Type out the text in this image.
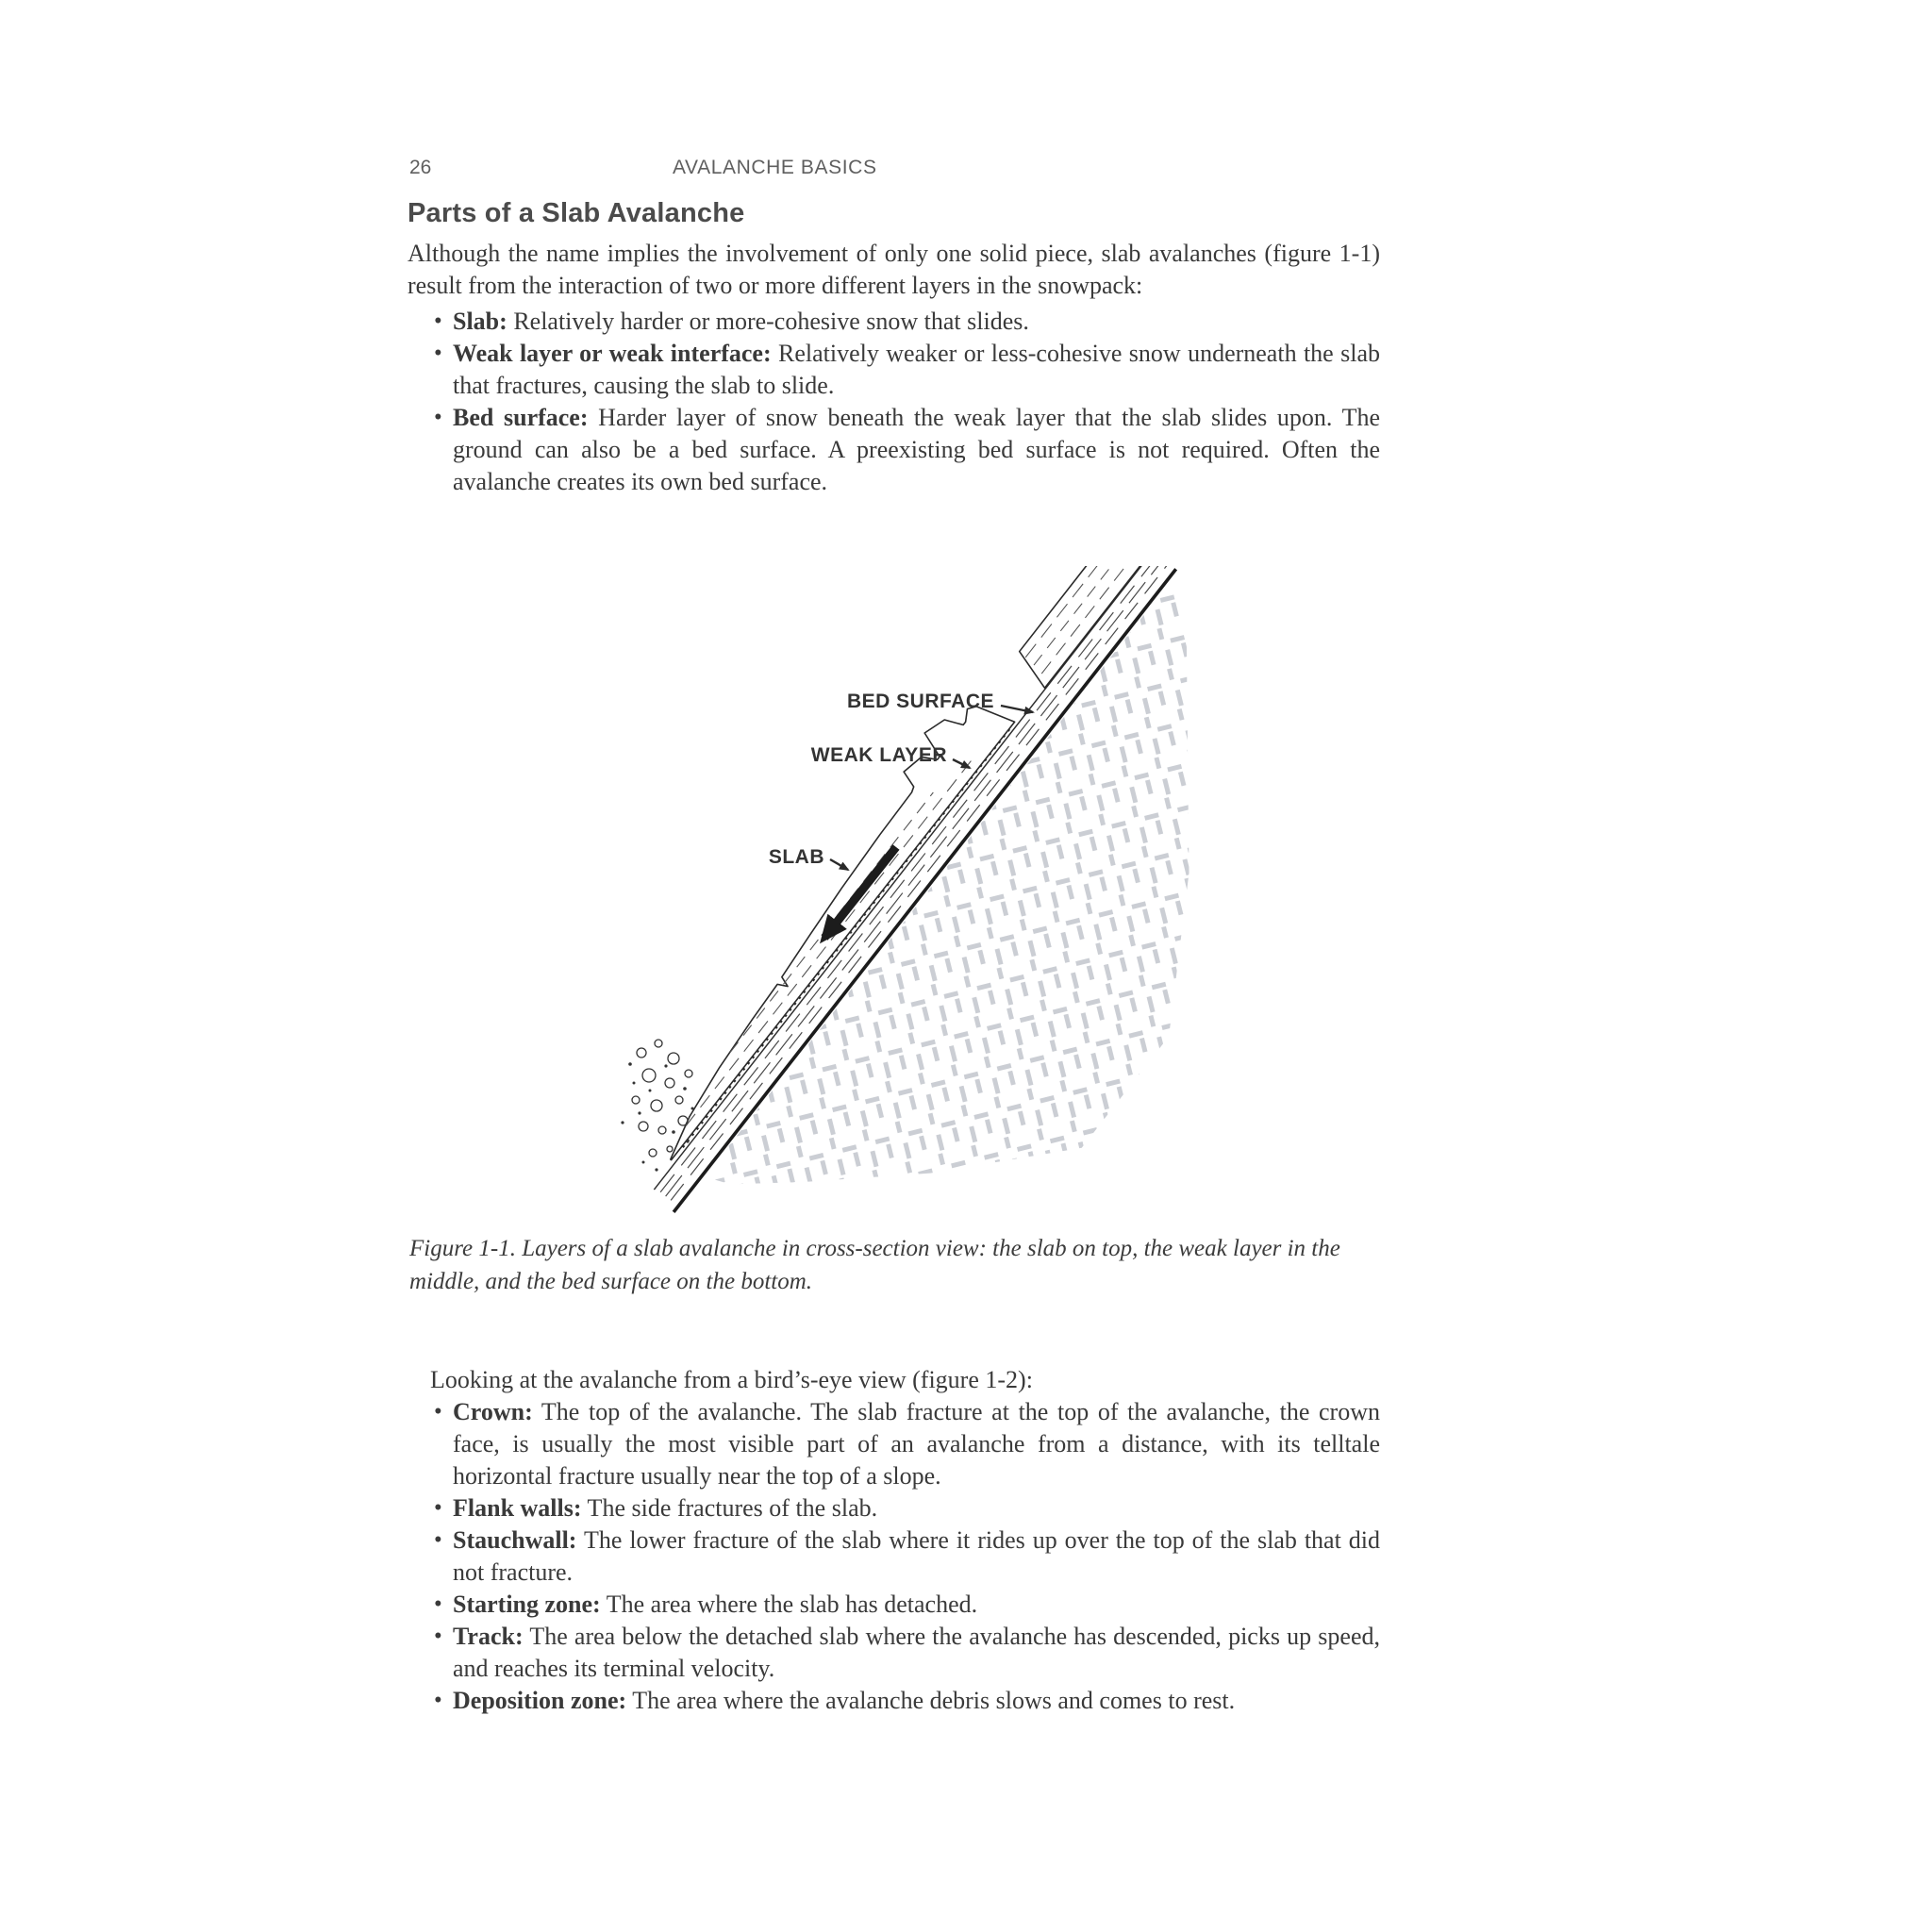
26	AVALANCHE BASICS
Parts of a Slab Avalanche

Although the name implies the involvement of only one solid piece, slab avalanches (figure 1-1) result from the interaction of two or more different layers in the snowpack:

• Slab: Relatively harder or more-cohesive snow that slides.
• Weak layer or weak interface: Relatively weaker or less-cohesive snow underneath the slab that fractures, causing the slab to slide.
• Bed surface: Harder layer of snow beneath the weak layer that the slab slides upon. The ground can also be a bed surface. A preexisting bed surface is not required. Often the avalanche creates its own bed surface.
BED SURFACE
WEAK LAYER
SLAB
Figure 1-1. Layers of a slab avalanche in cross-section view: the slab on top, the weak layer in the middle, and the bed surface on the bottom.

Looking at the avalanche from a bird’s-eye view (figure 1-2):

• Crown: The top of the avalanche. The slab fracture at the top of the avalanche, the crown face, is usually the most visible part of an avalanche from a distance, with its telltale horizontal fracture usually near the top of a slope.
• Flank walls: The side fractures of the slab.
• Stauchwall: The lower fracture of the slab where it rides up over the top of the slab that did not fracture.
• Starting zone: The area where the slab has detached.
• Track: The area below the detached slab where the avalanche has descended, picks up speed, and reaches its terminal velocity.
• Deposition zone: The area where the avalanche debris slows and comes to rest.
